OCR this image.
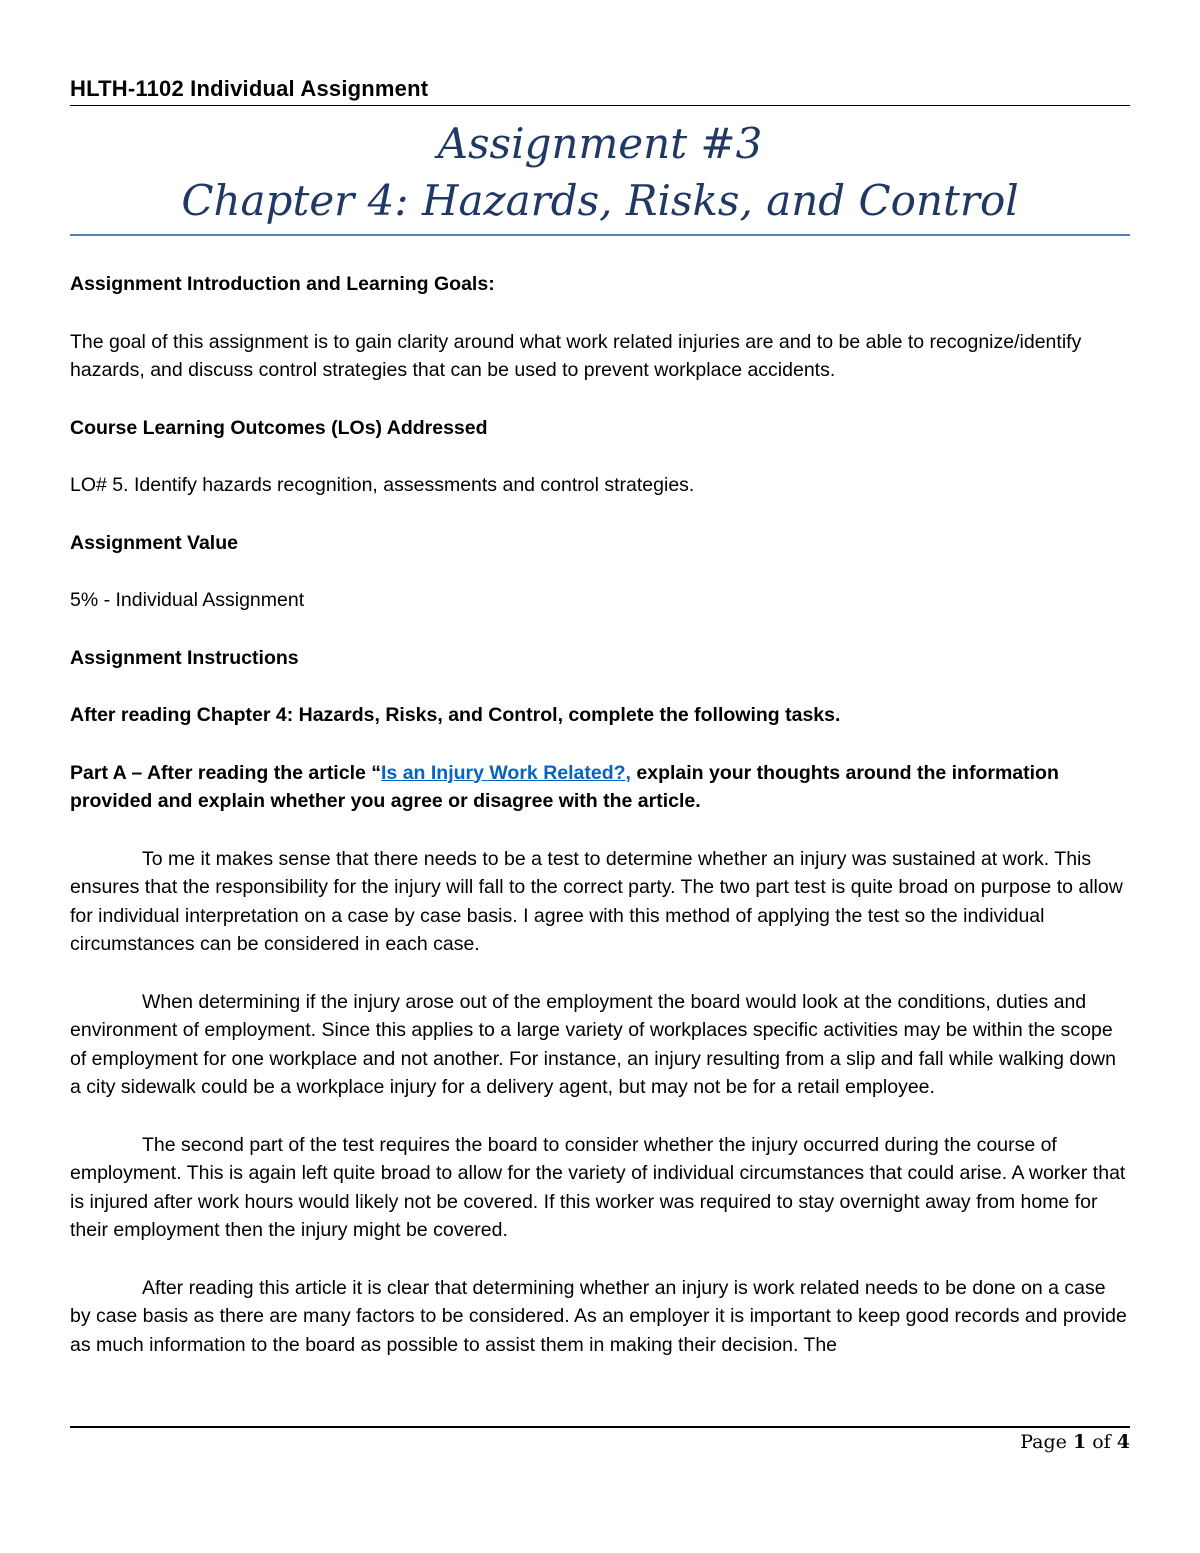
HLTH-1102 Individual Assignment
Assignment #3
Chapter 4: Hazards, Risks, and Control

Assignment Introduction and Learning Goals:

The goal of this assignment is to gain clarity around what work related injuries are and to be able to recognize/identify hazards, and discuss control strategies that can be used to prevent workplace accidents.

Course Learning Outcomes (LOs) Addressed

LO# 5. Identify hazards recognition, assessments and control strategies.

Assignment Value

5% - Individual Assignment

Assignment Instructions

After reading Chapter 4: Hazards, Risks, and Control, complete the following tasks.

Part A – After reading the article “Is an Injury Work Related?, explain your thoughts around the information provided and explain whether you agree or disagree with the article.

To me it makes sense that there needs to be a test to determine whether an injury was sustained at work. This ensures that the responsibility for the injury will fall to the correct party. The two part test is quite broad on purpose to allow for individual interpretation on a case by case basis. I agree with this method of applying the test so the individual circumstances can be considered in each case.

When determining if the injury arose out of the employment the board would look at the conditions, duties and environment of employment. Since this applies to a large variety of workplaces specific activities may be within the scope of employment for one workplace and not another. For instance, an injury resulting from a slip and fall while walking down a city sidewalk could be a workplace injury for a delivery agent, but may not be for a retail employee.

The second part of the test requires the board to consider whether the injury occurred during the course of employment. This is again left quite broad to allow for the variety of individual circumstances that could arise. A worker that is injured after work hours would likely not be covered. If this worker was required to stay overnight away from home for their employment then the injury might be covered.

After reading this article it is clear that determining whether an injury is work related needs to be done on a case by case basis as there are many factors to be considered. As an employer it is important to keep good records and provide as much information to the board as possible to assist them in making their decision. The

Page 1 of 4
